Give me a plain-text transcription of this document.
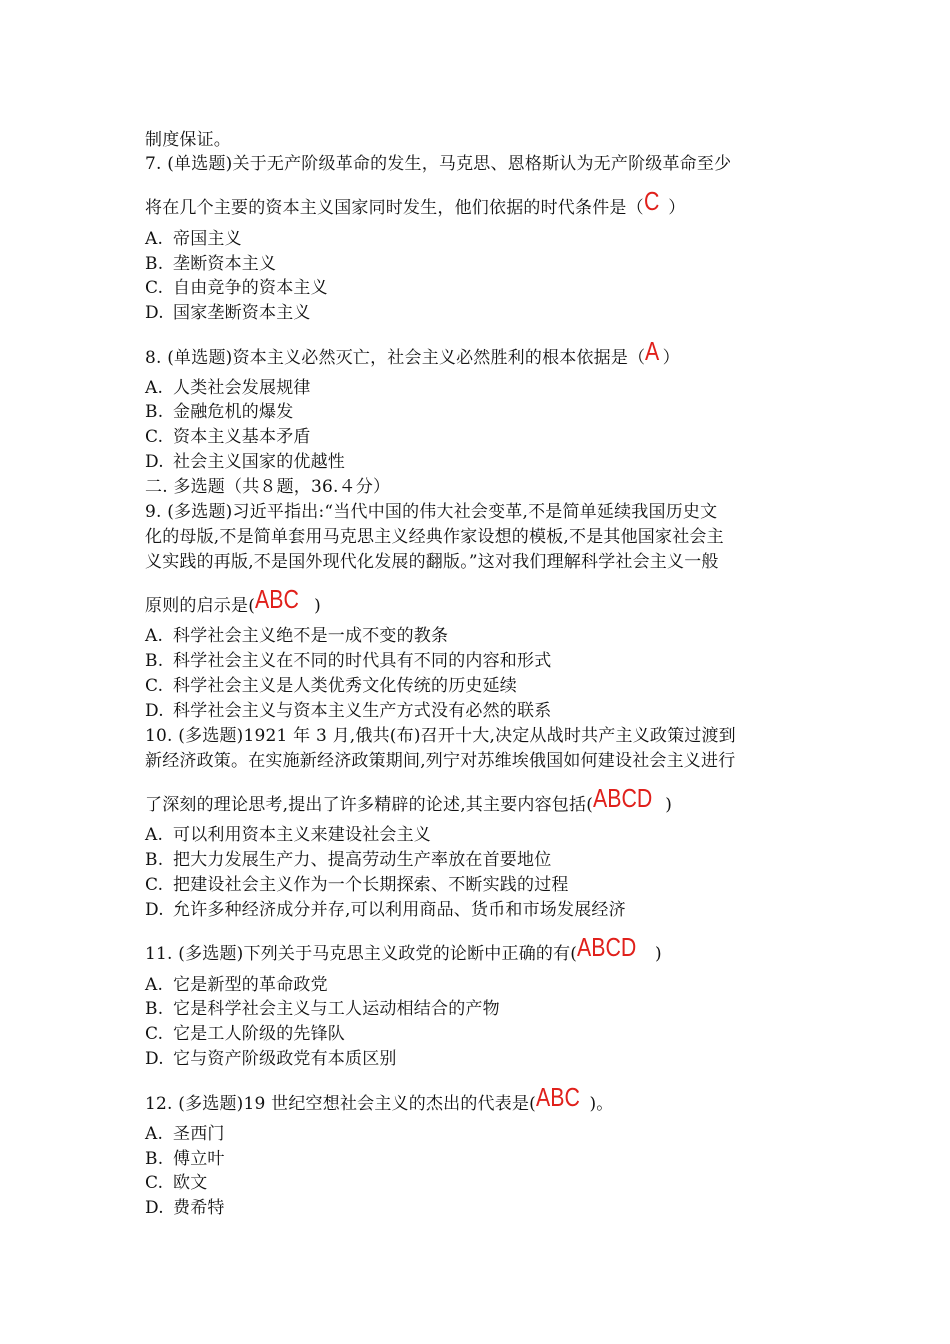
制度保证。
7. (单选题)关于无产阶级革命的发生，马克思、恩格斯认为无产阶级革命至少
将在几个主要的资本主义国家同时发生，他们依据的时代条件是（C ）
A. 帝国主义
B. 垄断资本主义
C. 自由竞争的资本主义
D. 国家垄断资本主义
8. (单选题)资本主义必然灭亡，社会主义必然胜利的根本依据是（A ）
A. 人类社会发展规律
B. 金融危机的爆发
C. 资本主义基本矛盾
D. 社会主义国家的优越性
二. 多选题（共８题，36.４分）
9. (多选题)习近平指出:“当代中国的伟大社会变革,不是简单延续我国历史文
化的母版,不是简单套用马克思主义经典作家设想的模板,不是其他国家社会主
义实践的再版,不是国外现代化发展的翻版。”这对我们理解科学社会主义一般
原则的启示是(ABC )
A. 科学社会主义绝不是一成不变的教条
B. 科学社会主义在不同的时代具有不同的内容和形式
C. 科学社会主义是人类优秀文化传统的历史延续
D. 科学社会主义与资本主义生产方式没有必然的联系
10. (多选题)1921 年 3 月,俄共(布)召开十大,决定从战时共产主义政策过渡到
新经济政策。在实施新经济政策期间,列宁对苏维埃俄国如何建设社会主义进行
了深刻的理论思考,提出了许多精辟的论述,其主要内容包括(ABCD )
A. 可以利用资本主义来建设社会主义
B. 把大力发展生产力、提高劳动生产率放在首要地位
C. 把建设社会主义作为一个长期探索、不断实践的过程
D. 允许多种经济成分并存,可以利用商品、货币和市场发展经济
11. (多选题)下列关于马克思主义政党的论断中正确的有(ABCD )
A. 它是新型的革命政党
B. 它是科学社会主义与工人运动相结合的产物
C. 它是工人阶级的先锋队
D. 它与资产阶级政党有本质区别
12. (多选题)19 世纪空想社会主义的杰出的代表是(ABC )。
A. 圣西门
B. 傅立叶
C. 欧文
D. 费希特
